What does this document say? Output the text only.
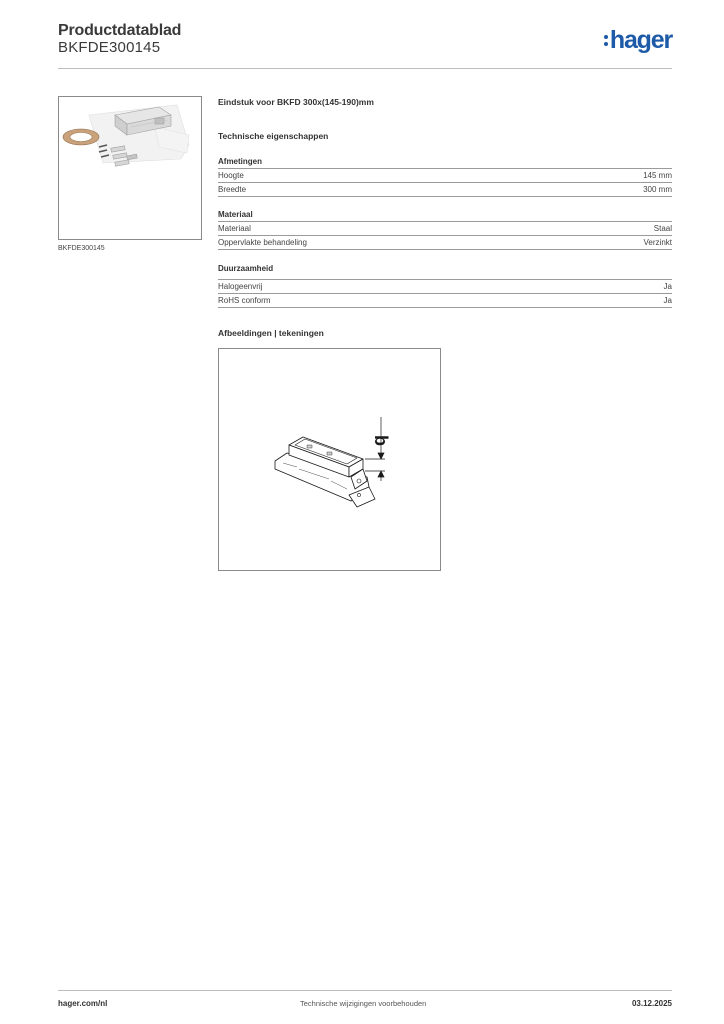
Productdatablad
BKFDE300145	hager
BKFDE300145
Eindstuk voor BKFD 300x(145-190)mm
Technische eigenschappen
Afmetingen
Hoogte	145 mm
Breedte	300 mm
Materiaal
Materiaal	Staal
Oppervlakte behandeling	Verzinkt
Duurzaamheid
Halogeenvrij	Ja
RoHS conform	Ja
Afbeeldingen | tekeningen
b
hager.com/nl	Technische wijzigingen voorbehouden	03.12.2025
